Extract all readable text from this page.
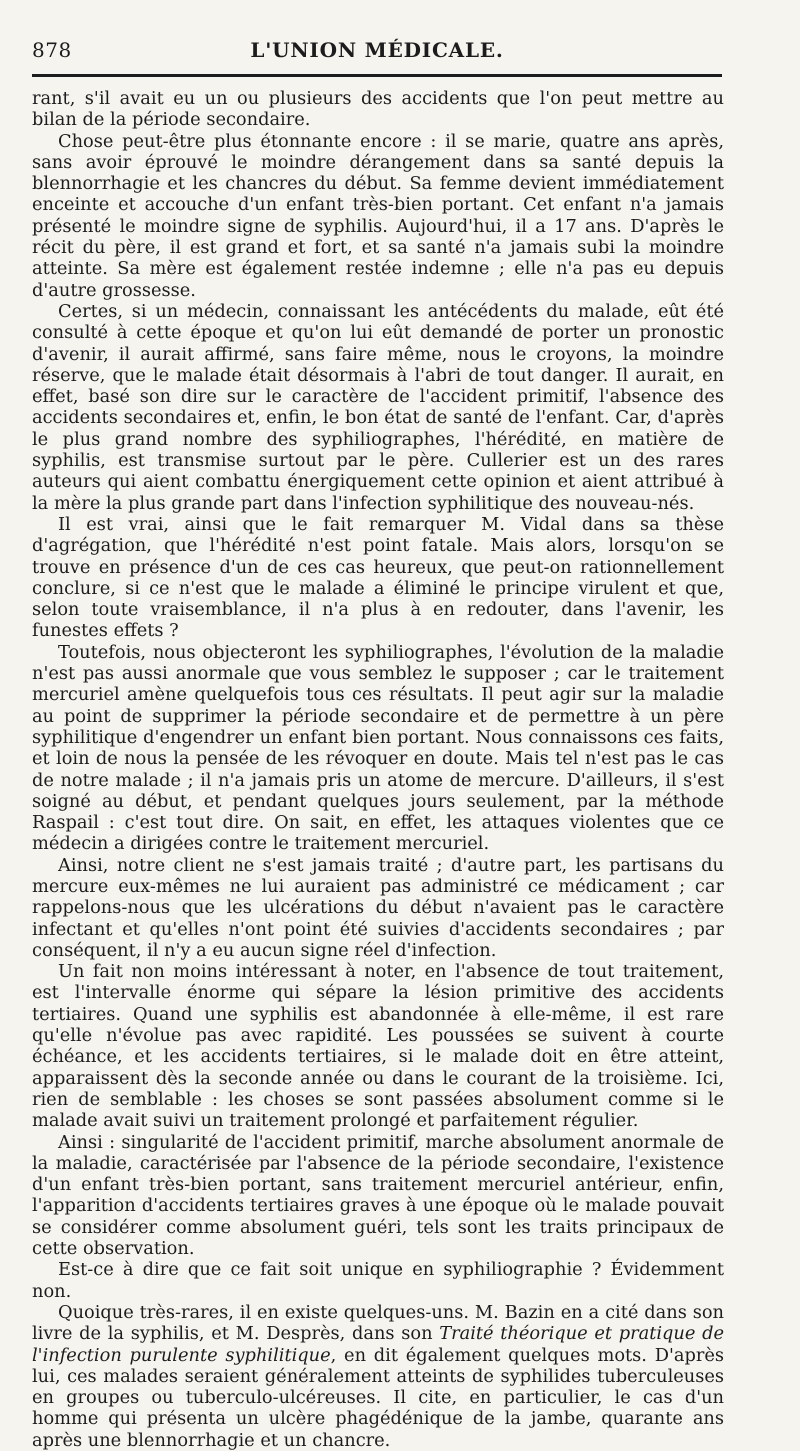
878	L'UNION MÉDICALE.

rant, s'il avait eu un ou plusieurs des accidents que l'on peut mettre au bilan de la période secondaire.

Chose peut-être plus étonnante encore : il se marie, quatre ans après, sans avoir éprouvé le moindre dérangement dans sa santé depuis la blennorrhagie et les chancres du début. Sa femme devient immédiatement enceinte et accouche d'un enfant très-bien portant. Cet enfant n'a jamais présenté le moindre signe de syphilis. Aujourd'hui, il a 17 ans. D'après le récit du père, il est grand et fort, et sa santé n'a jamais subi la moindre atteinte. Sa mère est également restée indemne ; elle n'a pas eu depuis d'autre grossesse.

Certes, si un médecin, connaissant les antécédents du malade, eût été consulté à cette époque et qu'on lui eût demandé de porter un pronostic d'avenir, il aurait affirmé, sans faire même, nous le croyons, la moindre réserve, que le malade était désormais à l'abri de tout danger. Il aurait, en effet, basé son dire sur le caractère de l'accident primitif, l'absence des accidents secondaires et, enfin, le bon état de santé de l'enfant. Car, d'après le plus grand nombre des syphiliographes, l'hérédité, en matière de syphilis, est transmise surtout par le père. Cullerier est un des rares auteurs qui aient combattu énergiquement cette opinion et aient attribué à la mère la plus grande part dans l'infection syphilitique des nouveau-nés.

Il est vrai, ainsi que le fait remarquer M. Vidal dans sa thèse d'agrégation, que l'hérédité n'est point fatale. Mais alors, lorsqu'on se trouve en présence d'un de ces cas heureux, que peut-on rationnellement conclure, si ce n'est que le malade a éliminé le principe virulent et que, selon toute vraisemblance, il n'a plus à en redouter, dans l'avenir, les funestes effets ?

Toutefois, nous objecteront les syphiliographes, l'évolution de la maladie n'est pas aussi anormale que vous semblez le supposer ; car le traitement mercuriel amène quelquefois tous ces résultats. Il peut agir sur la maladie au point de supprimer la période secondaire et de permettre à un père syphilitique d'engendrer un enfant bien portant. Nous connaissons ces faits, et loin de nous la pensée de les révoquer en doute. Mais tel n'est pas le cas de notre malade ; il n'a jamais pris un atome de mercure. D'ailleurs, il s'est soigné au début, et pendant quelques jours seulement, par la méthode Raspail : c'est tout dire. On sait, en effet, les attaques violentes que ce médecin a dirigées contre le traitement mercuriel.

Ainsi, notre client ne s'est jamais traité ; d'autre part, les partisans du mercure eux-mêmes ne lui auraient pas administré ce médicament ; car rappelons-nous que les ulcérations du début n'avaient pas le caractère infectant et qu'elles n'ont point été suivies d'accidents secondaires ; par conséquent, il n'y a eu aucun signe réel d'infection.

Un fait non moins intéressant à noter, en l'absence de tout traitement, est l'intervalle énorme qui sépare la lésion primitive des accidents tertiaires. Quand une syphilis est abandonnée à elle-même, il est rare qu'elle n'évolue pas avec rapidité. Les poussées se suivent à courte échéance, et les accidents tertiaires, si le malade doit en être atteint, apparaissent dès la seconde année ou dans le courant de la troisième. Ici, rien de semblable : les choses se sont passées absolument comme si le malade avait suivi un traitement prolongé et parfaitement régulier.

Ainsi : singularité de l'accident primitif, marche absolument anormale de la maladie, caractérisée par l'absence de la période secondaire, l'existence d'un enfant très-bien portant, sans traitement mercuriel antérieur, enfin, l'apparition d'accidents tertiaires graves à une époque où le malade pouvait se considérer comme absolument guéri, tels sont les traits principaux de cette observation.

Est-ce à dire que ce fait soit unique en syphiliographie ? Évidemment non.

Quoique très-rares, il en existe quelques-uns. M. Bazin en a cité dans son livre de la syphilis, et M. Desprès, dans son Traité théorique et pratique de l'infection purulente syphilitique, en dit également quelques mots. D'après lui, ces malades seraient généralement atteints de syphilides tuberculeuses en groupes ou tuberculo-ulcéreuses. Il cite, en particulier, le cas d'un homme qui présenta un ulcère phagédénique de la jambe, quarante ans après une blennorrhagie et un chancre.
